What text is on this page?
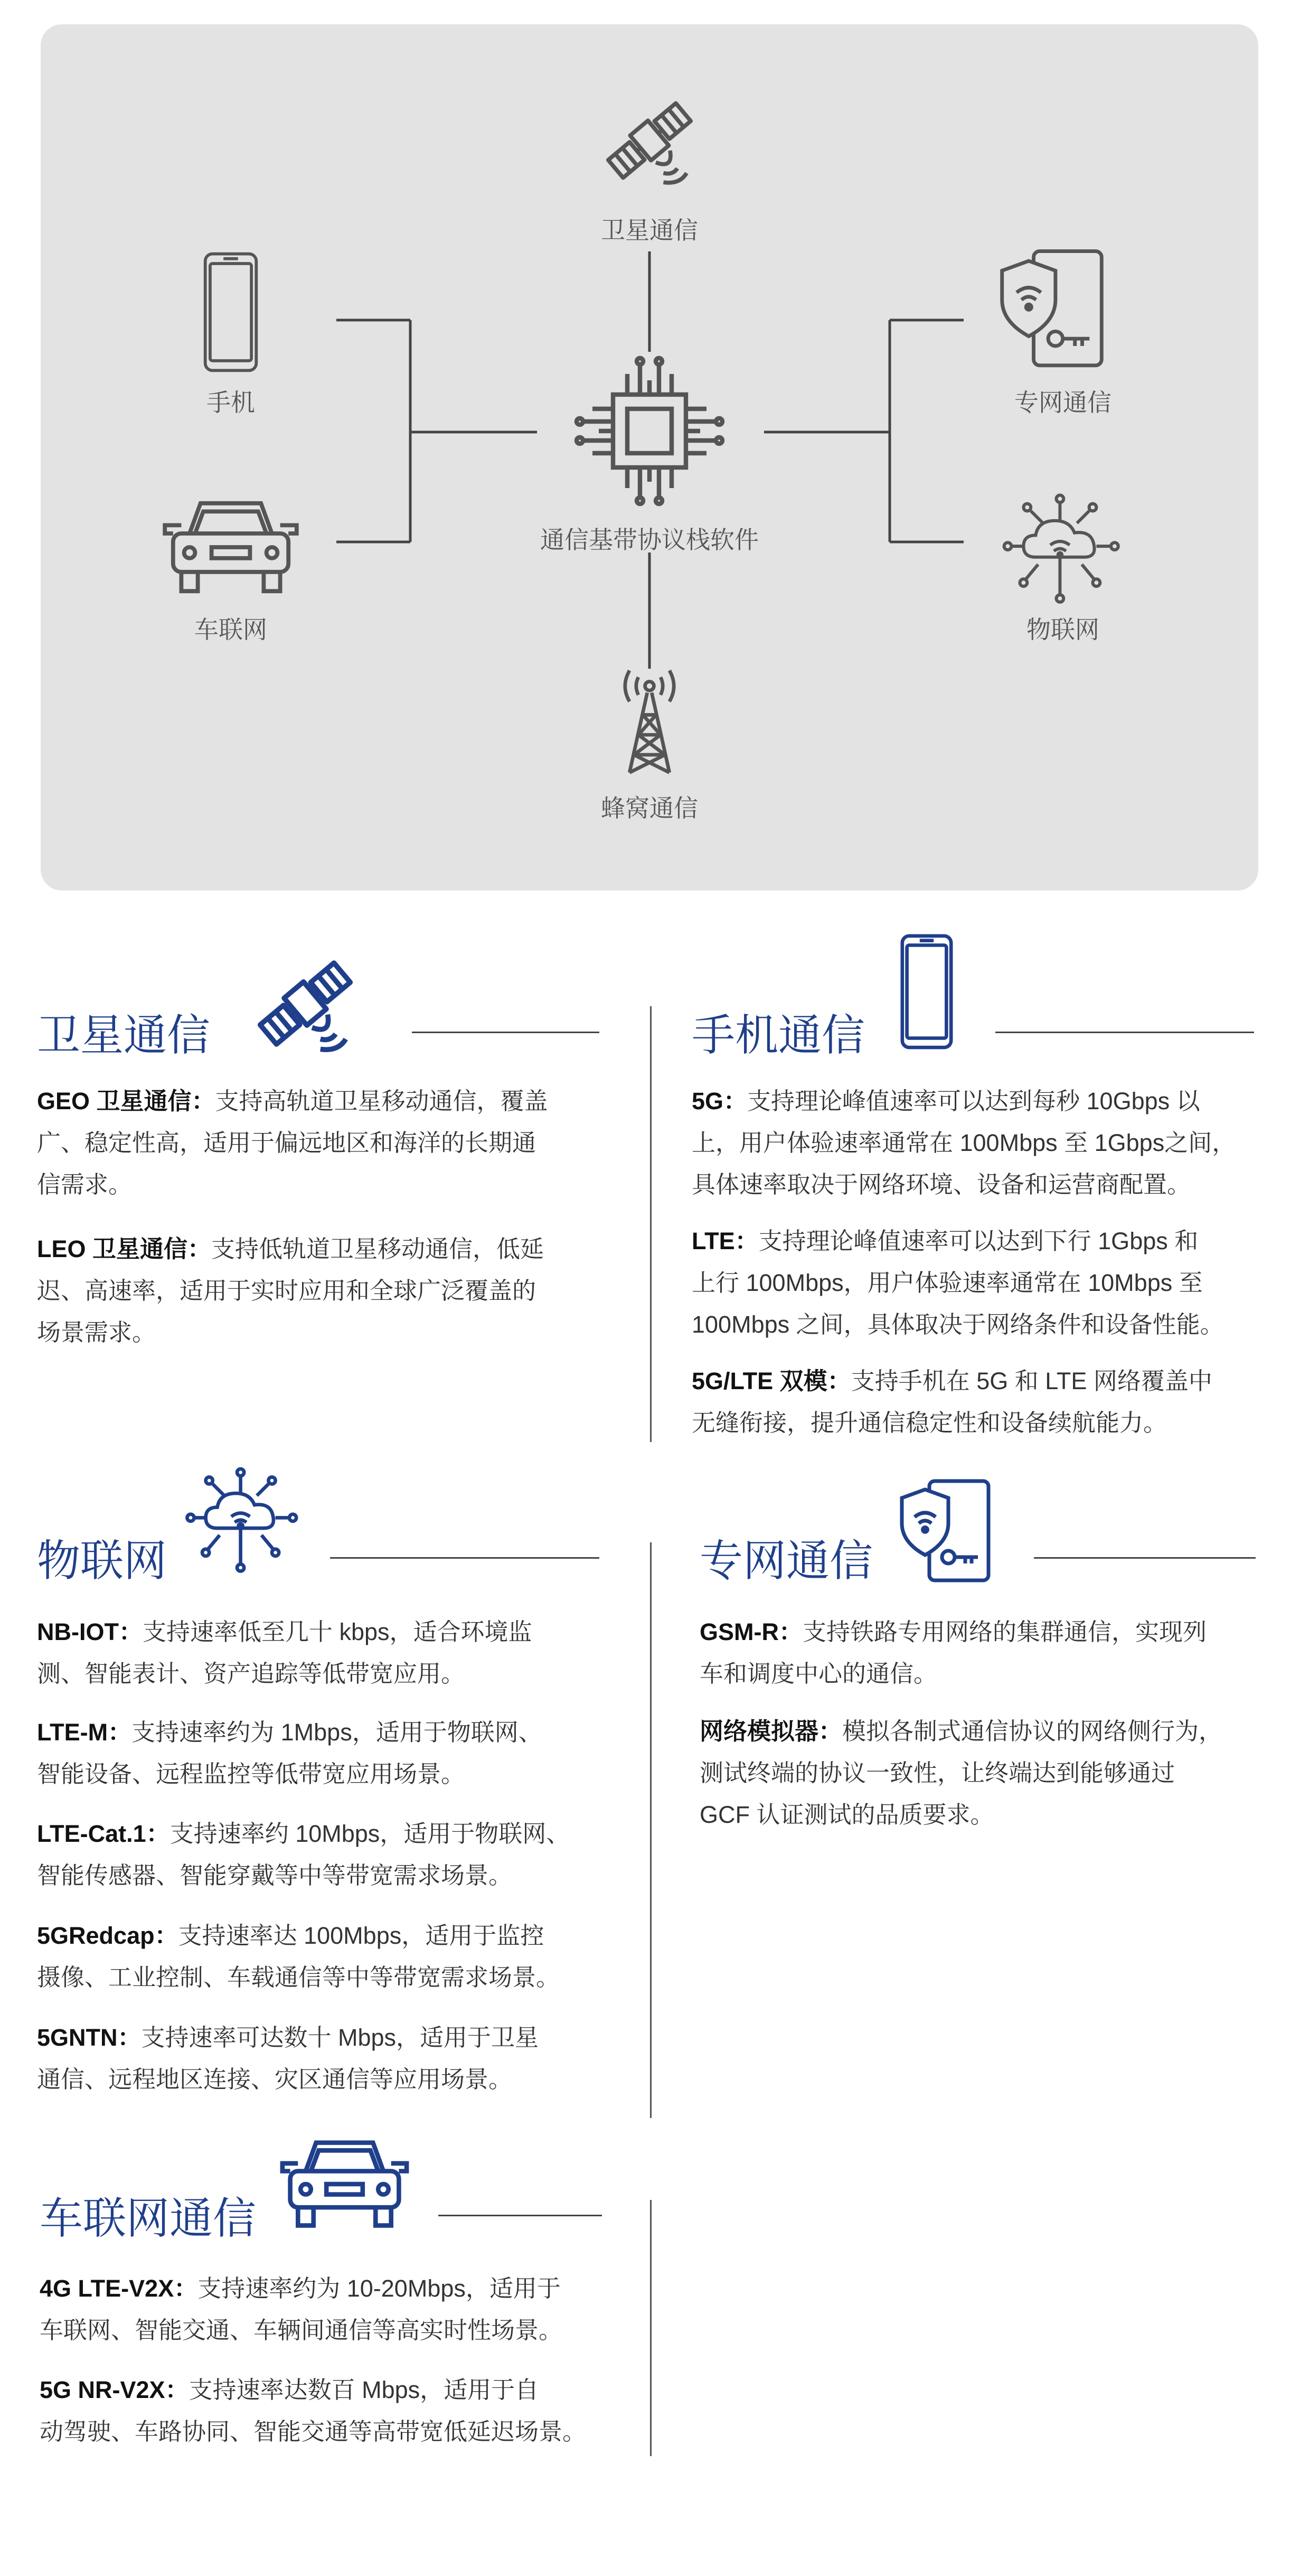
卫星通信
通信基带协议栈软件
蜂窝通信
手机
车联网
专网通信
物联网
卫星通信
GEO 卫星通信：支持高轨道卫星移动通信，覆盖
广、稳定性高，适用于偏远地区和海洋的长期通
信需求。
LEO 卫星通信：支持低轨道卫星移动通信，低延
迟、高速率，适用于实时应用和全球广泛覆盖的
场景需求。
手机通信
5G：支持理论峰值速率可以达到每秒 10Gbps 以
上，用户体验速率通常在 100Mbps 至 1Gbps之间，
具体速率取决于网络环境、设备和运营商配置。
LTE：支持理论峰值速率可以达到下行 1Gbps 和
上行 100Mbps，用户体验速率通常在 10Mbps 至
100Mbps 之间，具体取决于网络条件和设备性能。
5G/LTE 双模：支持手机在 5G 和 LTE 网络覆盖中
无缝衔接，提升通信稳定性和设备续航能力。
物联网
NB-IOT：支持速率低至几十 kbps，适合环境监
测、智能表计、资产追踪等低带宽应用。
LTE-M：支持速率约为 1Mbps，适用于物联网、
智能设备、远程监控等低带宽应用场景。
LTE-Cat.1：支持速率约 10Mbps，适用于物联网、
智能传感器、智能穿戴等中等带宽需求场景。
5GRedcap：支持速率达 100Mbps，适用于监控
摄像、工业控制、车载通信等中等带宽需求场景。
5GNTN：支持速率可达数十 Mbps，适用于卫星
通信、远程地区连接、灾区通信等应用场景。
专网通信
GSM-R：支持铁路专用网络的集群通信，实现列
车和调度中心的通信。
网络模拟器：模拟各制式通信协议的网络侧行为，
测试终端的协议一致性，让终端达到能够通过
GCF 认证测试的品质要求。
车联网通信
4G LTE-V2X：支持速率约为 10-20Mbps，适用于
车联网、智能交通、车辆间通信等高实时性场景。
5G NR-V2X：支持速率达数百 Mbps，适用于自
动驾驶、车路协同、智能交通等高带宽低延迟场景。
